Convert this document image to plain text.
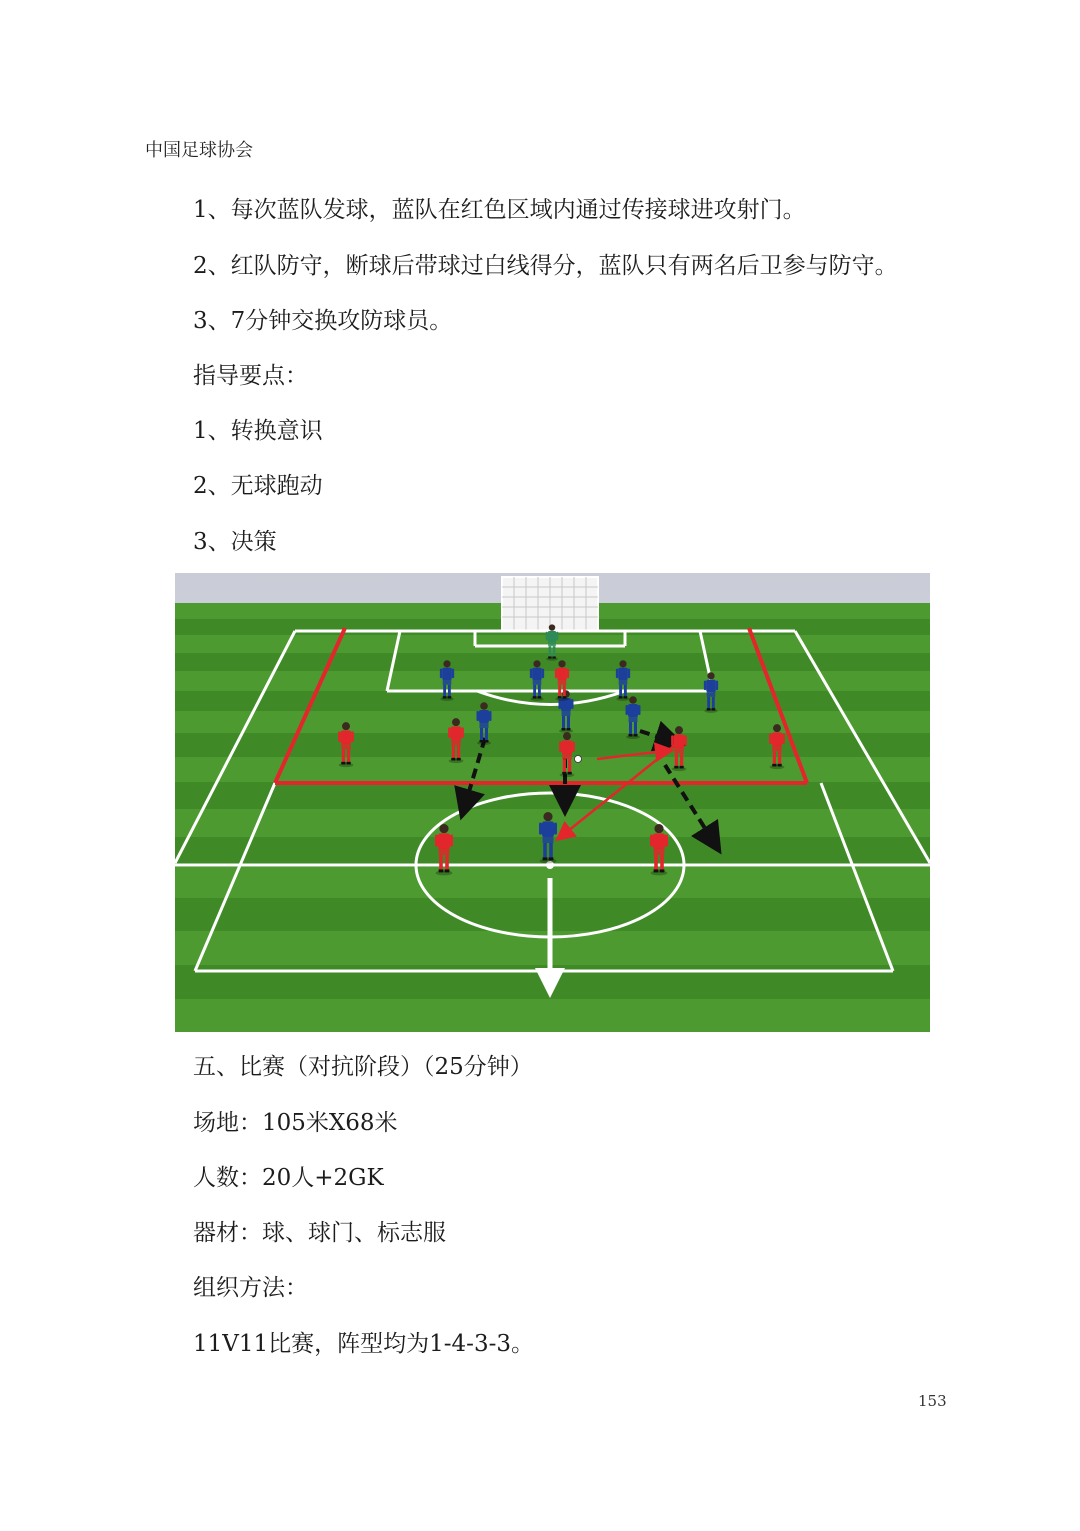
中国足球协会
1、每次蓝队发球，蓝队在红色区域内通过传接球进攻射门。
2、红队防守，断球后带球过白线得分，蓝队只有两名后卫参与防守。
3、7分钟交换攻防球员。
指导要点：
1、转换意识
2、无球跑动
3、决策
五、比赛（对抗阶段）（25分钟）
场地：105米X68米
人数：20人+2GK
器材：球、球门、标志服
组织方法：
11V11比赛，阵型均为1-4-3-3。
153
